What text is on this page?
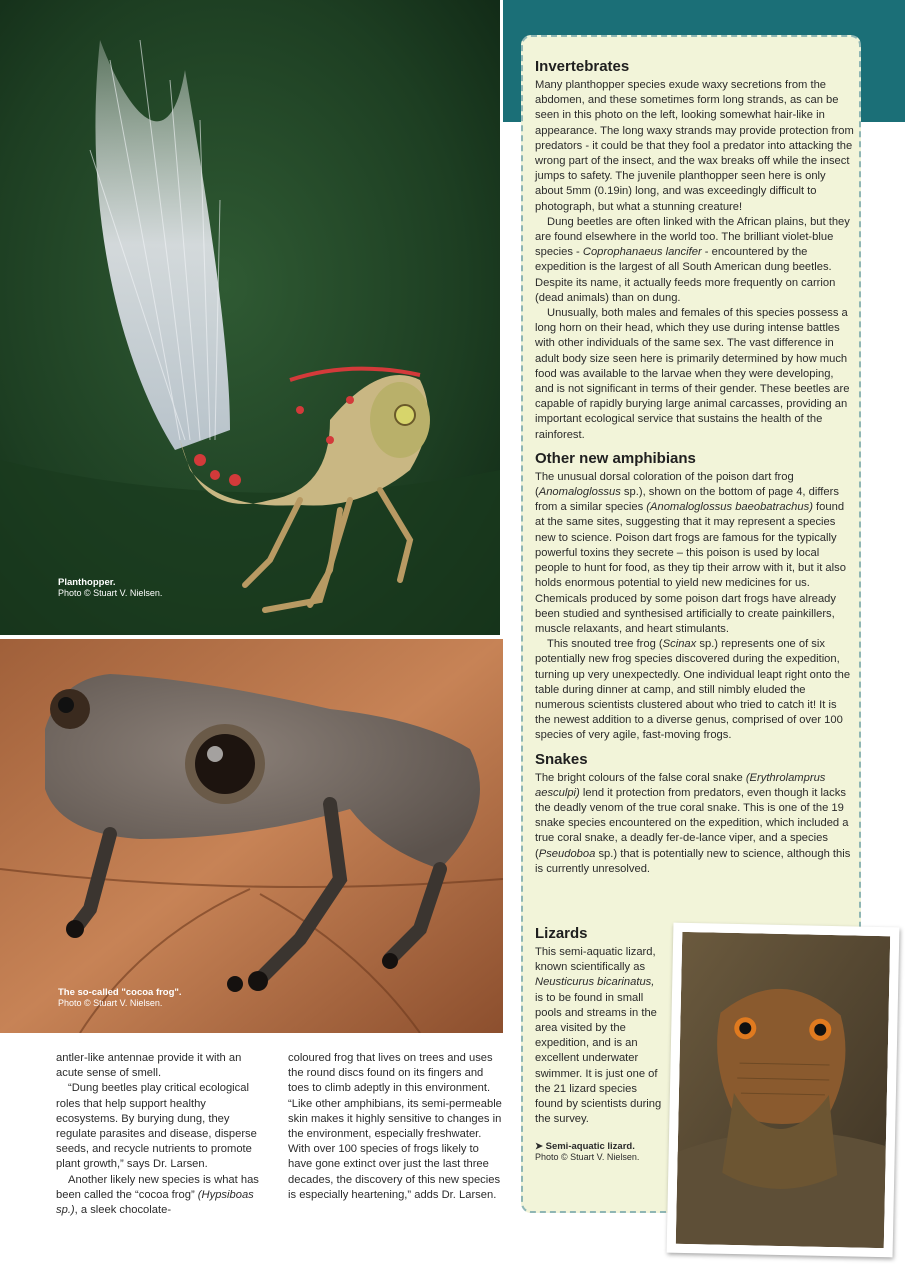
Planthopper.
Photo © Stuart V. Nielsen.
The so-called "cocoa frog".
Photo © Stuart V. Nielsen.
Invertebrates

Many planthopper species exude waxy secretions from the abdomen, and these sometimes form long strands, as can be seen in this photo on the left, looking somewhat hair-like in appearance. The long waxy strands may provide protection from predators - it could be that they fool a predator into attacking the wrong part of the insect, and the wax breaks off while the insect jumps to safety. The juvenile planthopper seen here is only about 5mm (0.19in) long, and was exceedingly difficult to photograph, but what a stunning creature!

Dung beetles are often linked with the African plains, but they are found elsewhere in the world too. The brilliant violet-blue species - Coprophanaeus lancifer - encountered by the expedition is the largest of all South American dung beetles. Despite its name, it actually feeds more frequently on carrion (dead animals) than on dung.

Unusually, both males and females of this species possess a long horn on their head, which they use during intense battles with other individuals of the same sex. The vast difference in adult body size seen here is primarily determined by how much food was available to the larvae when they were developing, and is not significant in terms of their gender. These beetles are capable of rapidly burying large animal carcasses, providing an important ecological service that sustains the health of the rainforest.

Other new amphibians

The unusual dorsal coloration of the poison dart frog (Anomaloglossus sp.), shown on the bottom of page 4, differs from a similar species (Anomaloglossus baeobatrachus) found at the same sites, suggesting that it may represent a species new to science. Poison dart frogs are famous for the typically powerful toxins they secrete – this poison is used by local people to hunt for food, as they tip their arrow with it, but it also holds enormous potential to yield new medicines for us. Chemicals produced by some poison dart frogs have already been studied and synthesised artificially to create painkillers, muscle relaxants, and heart stimulants.

This snouted tree frog (Scinax sp.) represents one of six potentially new frog species discovered during the expedition, turning up very unexpectedly. One individual leapt right onto the table during dinner at camp, and still nimbly eluded the numerous scientists clustered about who tried to catch it! It is the newest addition to a diverse genus, comprised of over 100 species of very agile, fast-moving frogs.

Snakes

The bright colours of the false coral snake (Erythrolamprus aesculpi) lend it protection from predators, even though it lacks the deadly venom of the true coral snake. This is one of the 19 snake species encountered on the expedition, which included a true coral snake, a deadly fer-de-lance viper, and a species (Pseudoboa sp.) that is potentially new to science, although this is currently unresolved.

Lizards

This semi-aquatic lizard, known scientifically as Neusticurus bicarinatus, is to be found in small pools and streams in the area visited by the expedition, and is an excellent underwater swimmer. It is just one of the 21 lizard species found by scientists during the survey.

➤ Semi-aquatic lizard.
Photo © Stuart V. Nielsen.

antler-like antennae provide it with an acute sense of smell.

“Dung beetles play critical ecological roles that help support healthy ecosystems. By burying dung, they regulate parasites and disease, disperse seeds, and recycle nutrients to promote plant growth,” says Dr. Larsen.

Another likely new species is what has been called the “cocoa frog” (Hypsiboas sp.), a sleek chocolate-

coloured frog that lives on trees and uses the round discs found on its fingers and toes to climb adeptly in this environment. “Like other amphibians, its semi-permeable skin makes it highly sensitive to changes in the environment, especially freshwater. With over 100 species of frogs likely to have gone extinct over just the last three decades, the discovery of this new species is especially heartening,” adds Dr. Larsen.
